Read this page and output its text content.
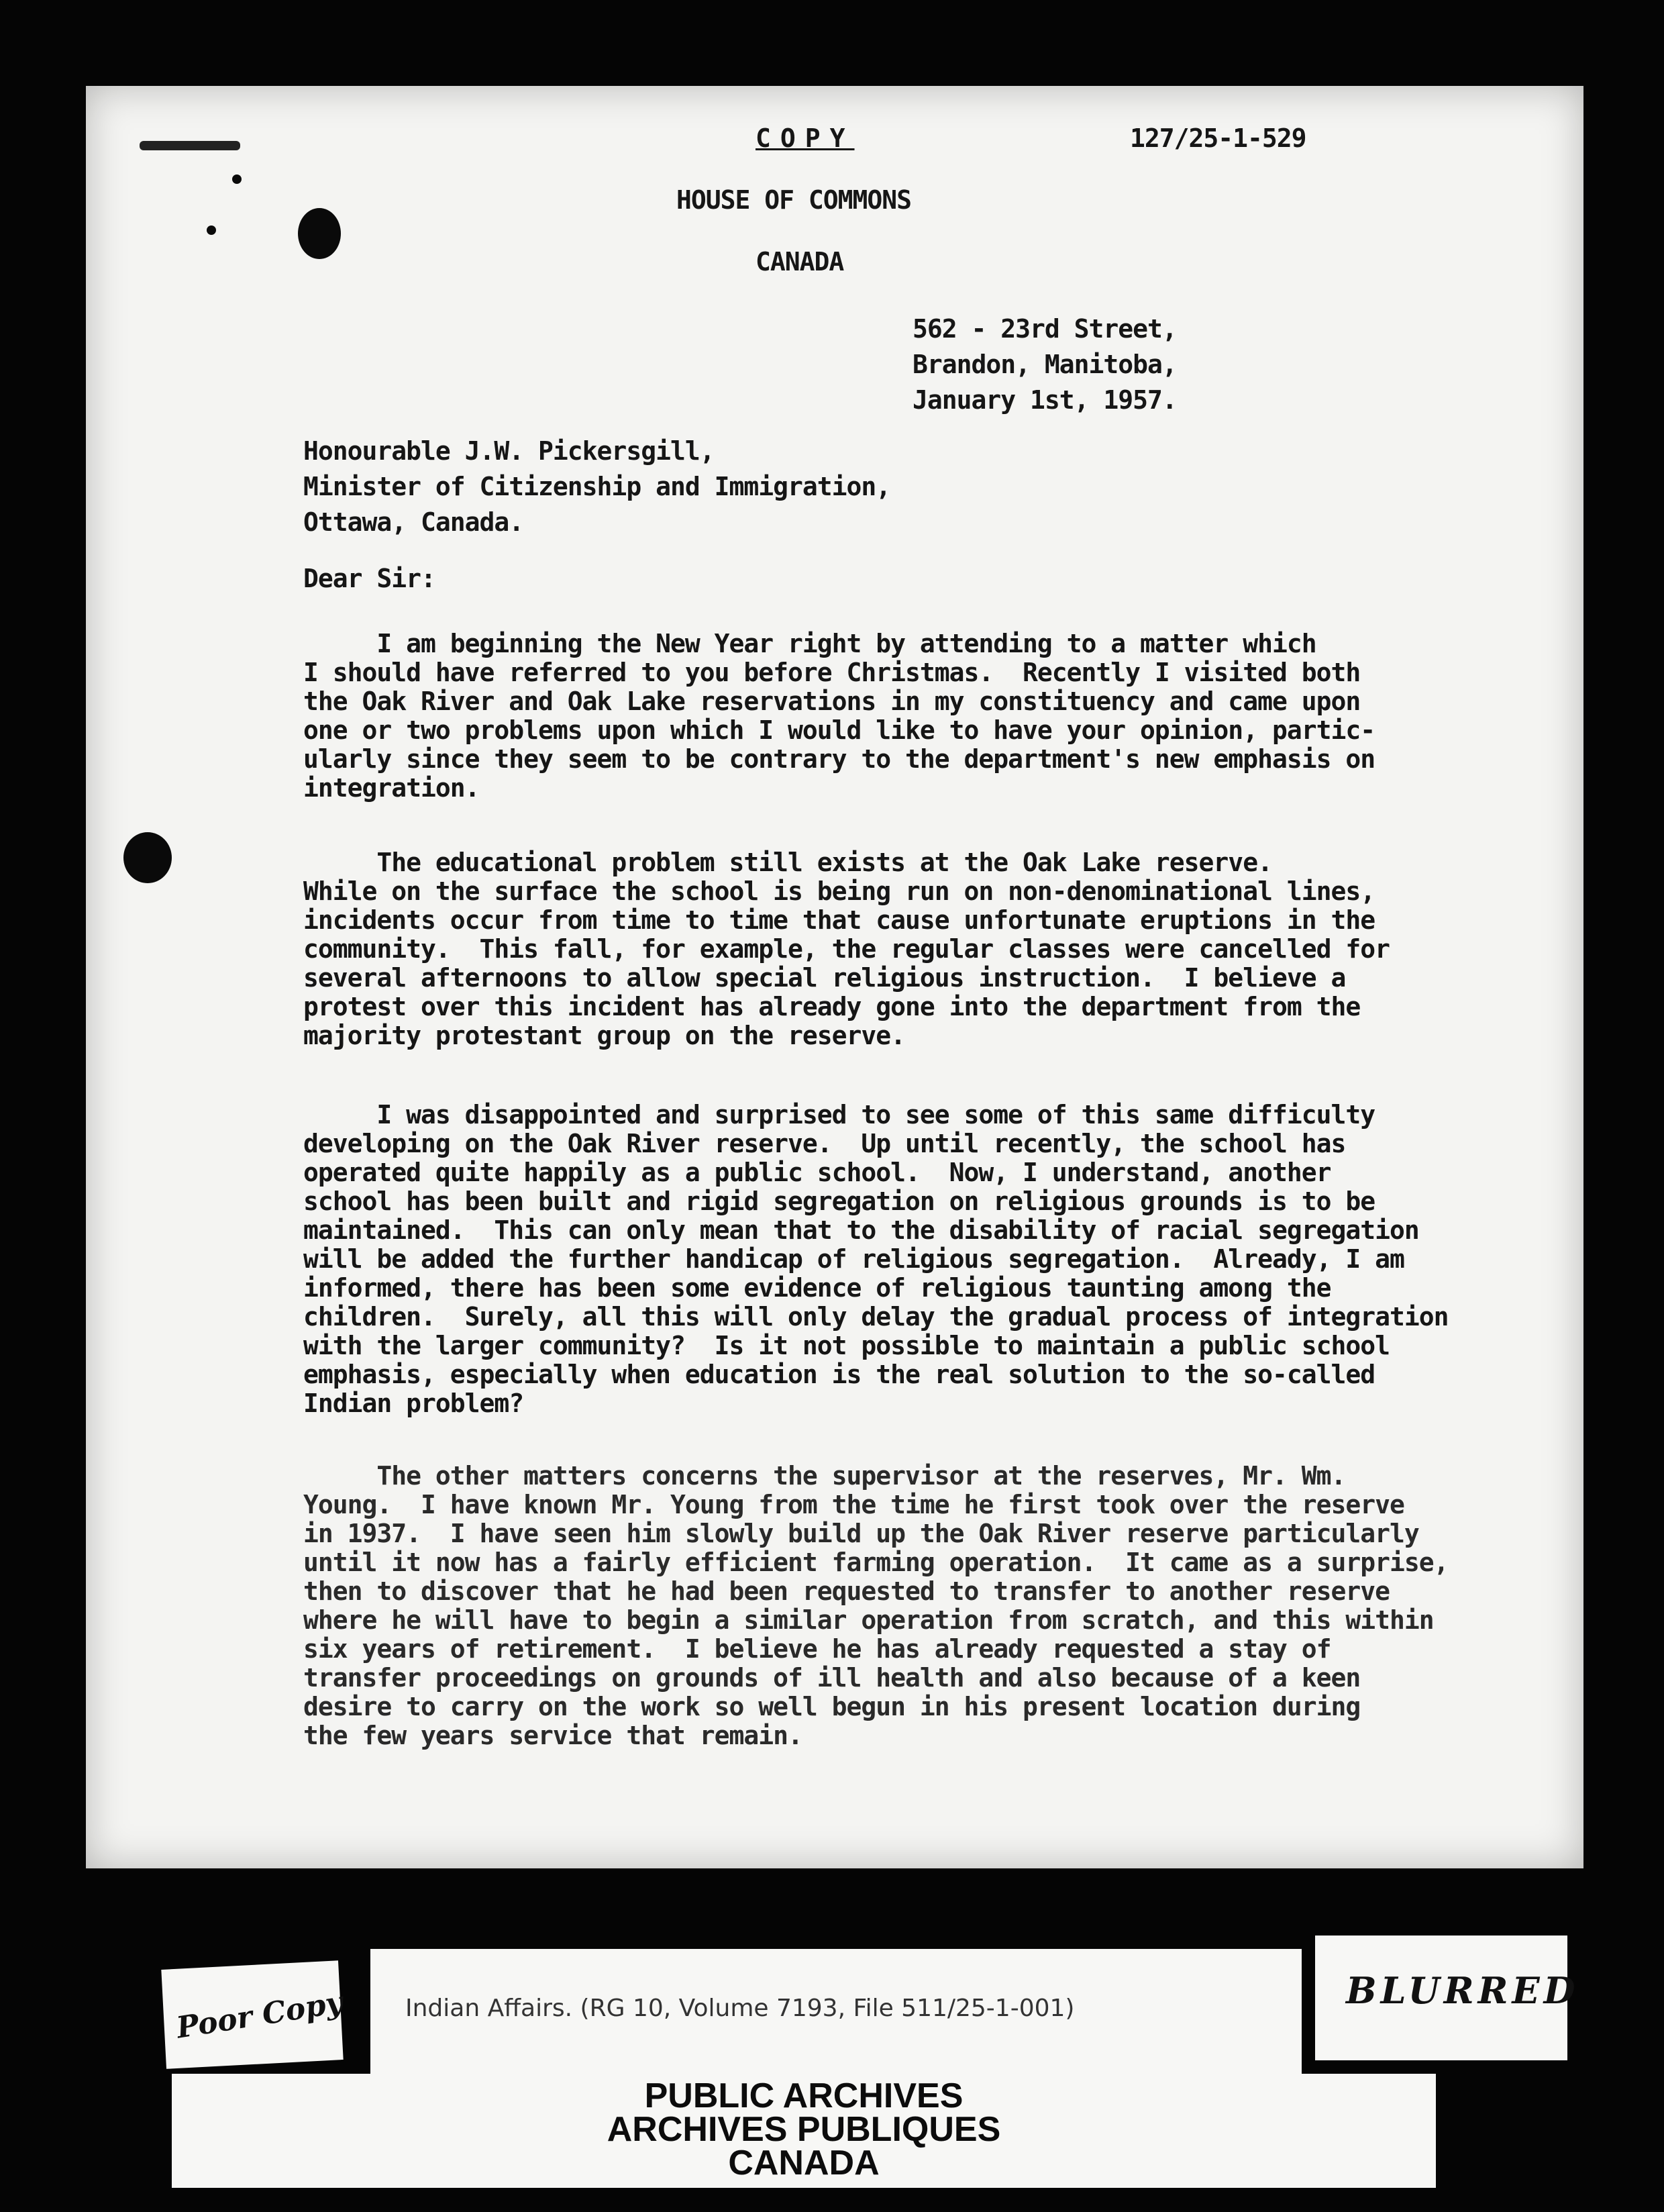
COPY	127/25-1-529

HOUSE OF COMMONS

CANADA

562 - 23rd Street,
Brandon, Manitoba,
January 1st, 1957.

Honourable J.W. Pickersgill,
Minister of Citizenship and Immigration,
Ottawa, Canada.

Dear Sir:

I am beginning the New Year right by attending to a matter which
I should have referred to you before Christmas.  Recently I visited both
the Oak River and Oak Lake reservations in my constituency and came upon
one or two problems upon which I would like to have your opinion, partic-
ularly since they seem to be contrary to the department's new emphasis on
integration.

The educational problem still exists at the Oak Lake reserve.
While on the surface the school is being run on non-denominational lines,
incidents occur from time to time that cause unfortunate eruptions in the
community.  This fall, for example, the regular classes were cancelled for
several afternoons to allow special religious instruction.  I believe a
protest over this incident has already gone into the department from the
majority protestant group on the reserve.

I was disappointed and surprised to see some of this same difficulty
developing on the Oak River reserve.  Up until recently, the school has
operated quite happily as a public school.  Now, I understand, another
school has been built and rigid segregation on religious grounds is to be
maintained.  This can only mean that to the disability of racial segregation
will be added the further handicap of religious segregation.  Already, I am
informed, there has been some evidence of religious taunting among the
children.  Surely, all this will only delay the gradual process of integration
with the larger community?  Is it not possible to maintain a public school
emphasis, especially when education is the real solution to the so-called
Indian problem?

The other matters concerns the supervisor at the reserves, Mr. Wm.
Young.  I have known Mr. Young from the time he first took over the reserve
in 1937.  I have seen him slowly build up the Oak River reserve particularly
until it now has a fairly efficient farming operation.  It came as a surprise,
then to discover that he had been requested to transfer to another reserve
where he will have to begin a similar operation from scratch, and this within
six years of retirement.  I believe he has already requested a stay of
transfer proceedings on grounds of ill health and also because of a keen
desire to carry on the work so well begun in his present location during
the few years service that remain.

Poor Copy Indian Affairs. (RG 10, Volume 7193, File 511/25-1-001)	BLURRED
PUBLIC ARCHIVES
ARCHIVES PUBLIQUES
CANADA
